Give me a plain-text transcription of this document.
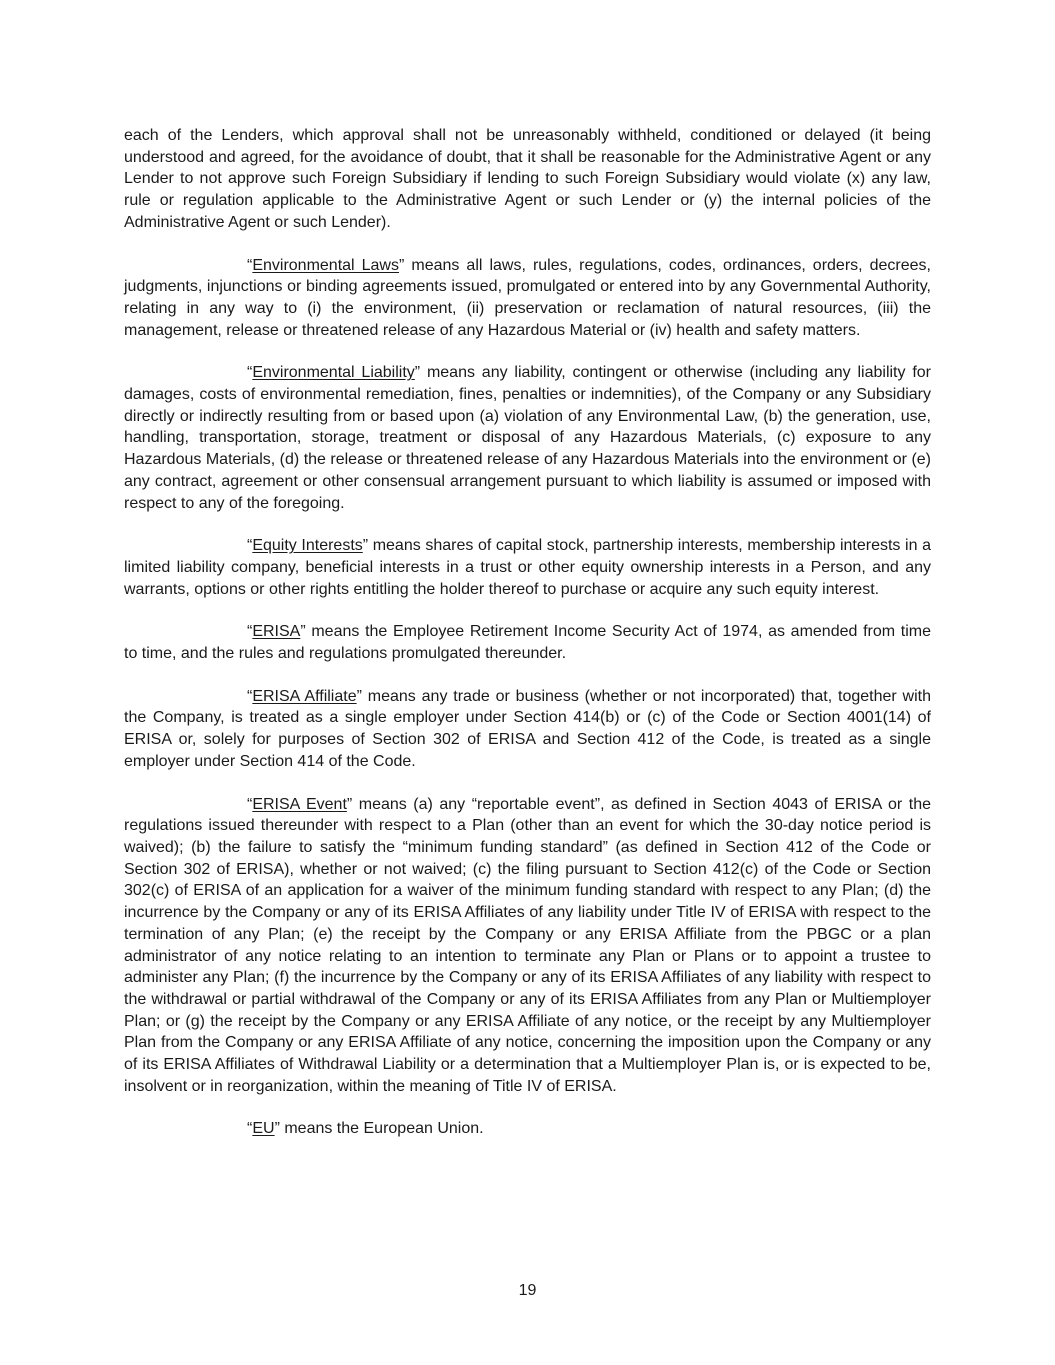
each of the Lenders, which approval shall not be unreasonably withheld, conditioned or delayed (it being understood and agreed, for the avoidance of doubt, that it shall be reasonable for the Administrative Agent or any Lender to not approve such Foreign Subsidiary if lending to such Foreign Subsidiary would violate (x) any law, rule or regulation applicable to the Administrative Agent or such Lender or (y) the internal policies of the Administrative Agent or such Lender).

“Environmental Laws” means all laws, rules, regulations, codes, ordinances, orders, decrees, judgments, injunctions or binding agreements issued, promulgated or entered into by any Governmental Authority, relating in any way to (i) the environment, (ii) preservation or reclamation of natural resources, (iii) the management, release or threatened release of any Hazardous Material or (iv) health and safety matters.

“Environmental Liability” means any liability, contingent or otherwise (including any liability for damages, costs of environmental remediation, fines, penalties or indemnities), of the Company or any Subsidiary directly or indirectly resulting from or based upon (a) violation of any Environmental Law, (b) the generation, use, handling, transportation, storage, treatment or disposal of any Hazardous Materials, (c) exposure to any Hazardous Materials, (d) the release or threatened release of any Hazardous Materials into the environment or (e) any contract, agreement or other consensual arrangement pursuant to which liability is assumed or imposed with respect to any of the foregoing.

“Equity Interests” means shares of capital stock, partnership interests, membership interests in a limited liability company, beneficial interests in a trust or other equity ownership interests in a Person, and any warrants, options or other rights entitling the holder thereof to purchase or acquire any such equity interest.

“ERISA” means the Employee Retirement Income Security Act of 1974, as amended from time to time, and the rules and regulations promulgated thereunder.

“ERISA Affiliate” means any trade or business (whether or not incorporated) that, together with the Company, is treated as a single employer under Section 414(b) or (c) of the Code or Section 4001(14) of ERISA or, solely for purposes of Section 302 of ERISA and Section 412 of the Code, is treated as a single employer under Section 414 of the Code.

“ERISA Event” means (a) any “reportable event”, as defined in Section 4043 of ERISA or the regulations issued thereunder with respect to a Plan (other than an event for which the 30-day notice period is waived); (b) the failure to satisfy the “minimum funding standard” (as defined in Section 412 of the Code or Section 302 of ERISA), whether or not waived; (c) the filing pursuant to Section 412(c) of the Code or Section 302(c) of ERISA of an application for a waiver of the minimum funding standard with respect to any Plan; (d) the incurrence by the Company or any of its ERISA Affiliates of any liability under Title IV of ERISA with respect to the termination of any Plan; (e) the receipt by the Company or any ERISA Affiliate from the PBGC or a plan administrator of any notice relating to an intention to terminate any Plan or Plans or to appoint a trustee to administer any Plan; (f) the incurrence by the Company or any of its ERISA Affiliates of any liability with respect to the withdrawal or partial withdrawal of the Company or any of its ERISA Affiliates from any Plan or Multiemployer Plan; or (g) the receipt by the Company or any ERISA Affiliate of any notice, or the receipt by any Multiemployer Plan from the Company or any ERISA Affiliate of any notice, concerning the imposition upon the Company or any of its ERISA Affiliates of Withdrawal Liability or a determination that a Multiemployer Plan is, or is expected to be, insolvent or in reorganization, within the meaning of Title IV of ERISA.

“EU” means the European Union.

19
